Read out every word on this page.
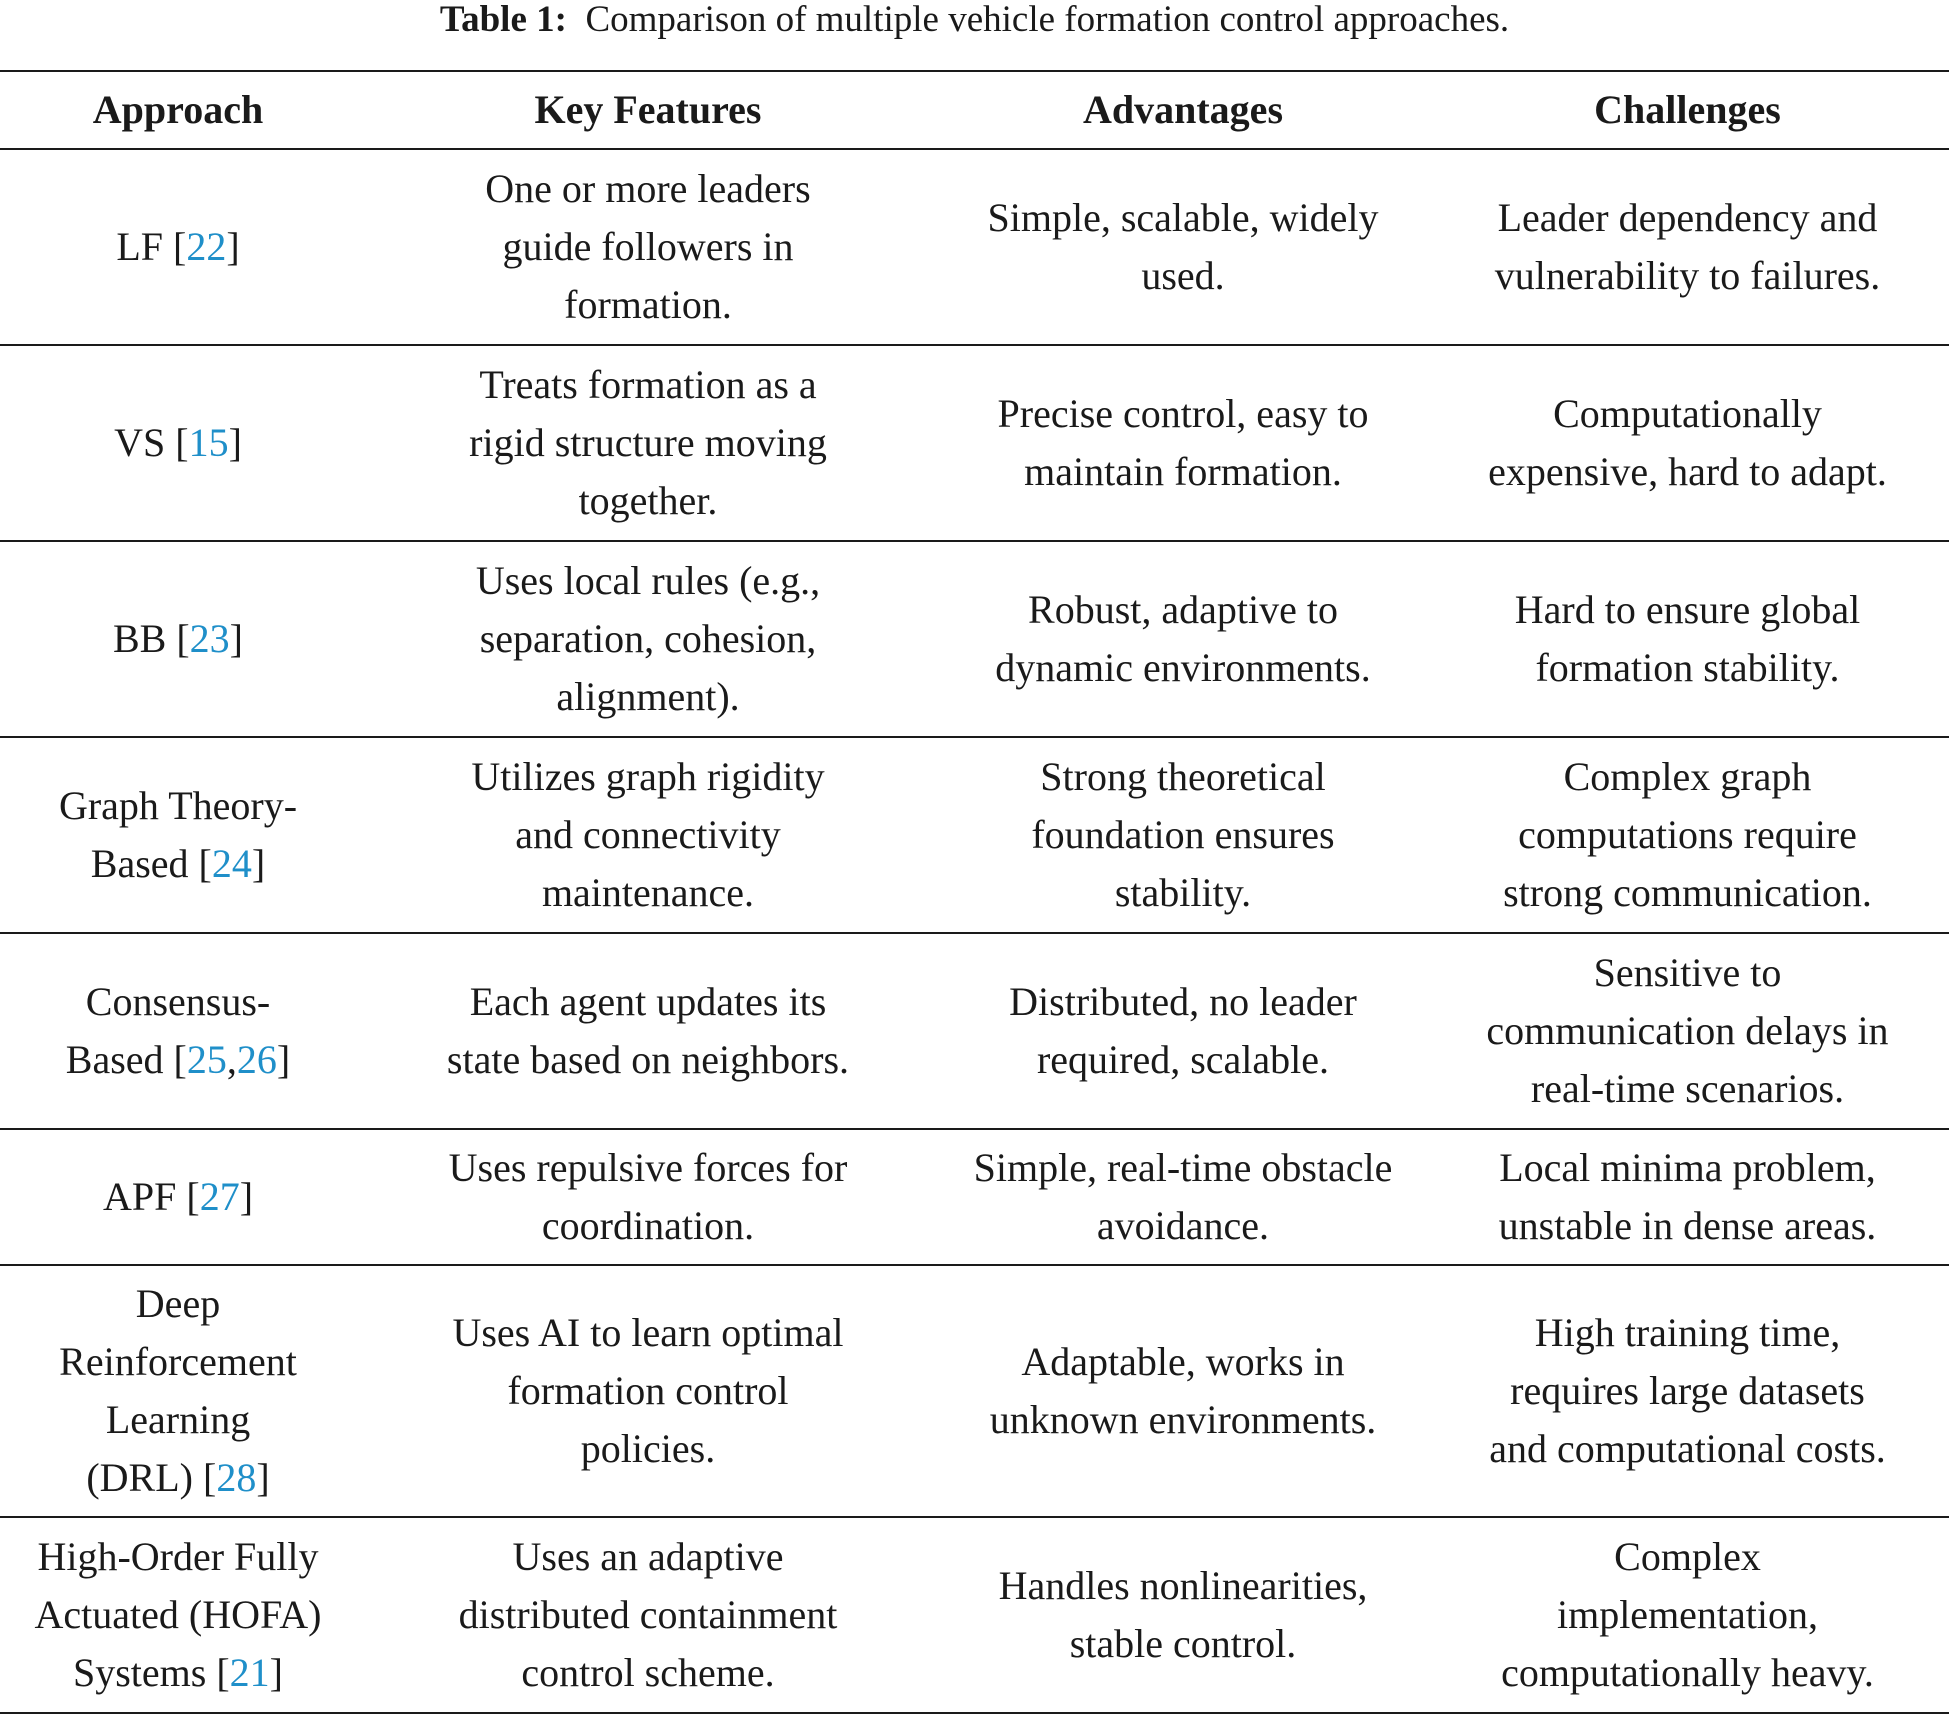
Table 1: Comparison of multiple vehicle formation control approaches.
Approach	Key Features	Advantages	Challenges
LF [22]	One or more leaders
guide followers in
formation.	Simple, scalable, widely
used.	Leader dependency and
vulnerability to failures.

VS [15]	Treats formation as a
rigid structure moving
together.	Precise control, easy to
maintain formation.	Computationally
expensive, hard to adapt.

BB [23]	Uses local rules (e.g.,
separation, cohesion,
alignment).	Robust, adaptive to
dynamic environments.	Hard to ensure global
formation stability.

Graph Theory-
Based [24]	Utilizes graph rigidity
and connectivity
maintenance.	Strong theoretical
foundation ensures
stability.	Complex graph
computations require
strong communication.

Consensus-
Based [25,26]	Each agent updates its
state based on neighbors.	Distributed, no leader
required, scalable.	Sensitive to
communication delays in
real-time scenarios.

APF [27]	Uses repulsive forces for
coordination.	Simple, real-time obstacle
avoidance.	Local minima problem,
unstable in dense areas.

Deep
Reinforcement
Learning
(DRL) [28]	Uses AI to learn optimal
formation control
policies.	Adaptable, works in
unknown environments.	High training time,
requires large datasets
and computational costs.

High-Order Fully
Actuated (HOFA)
Systems [21]	Uses an adaptive
distributed containment
control scheme.	Handles nonlinearities,
stable control.	Complex
implementation,
computationally heavy.
